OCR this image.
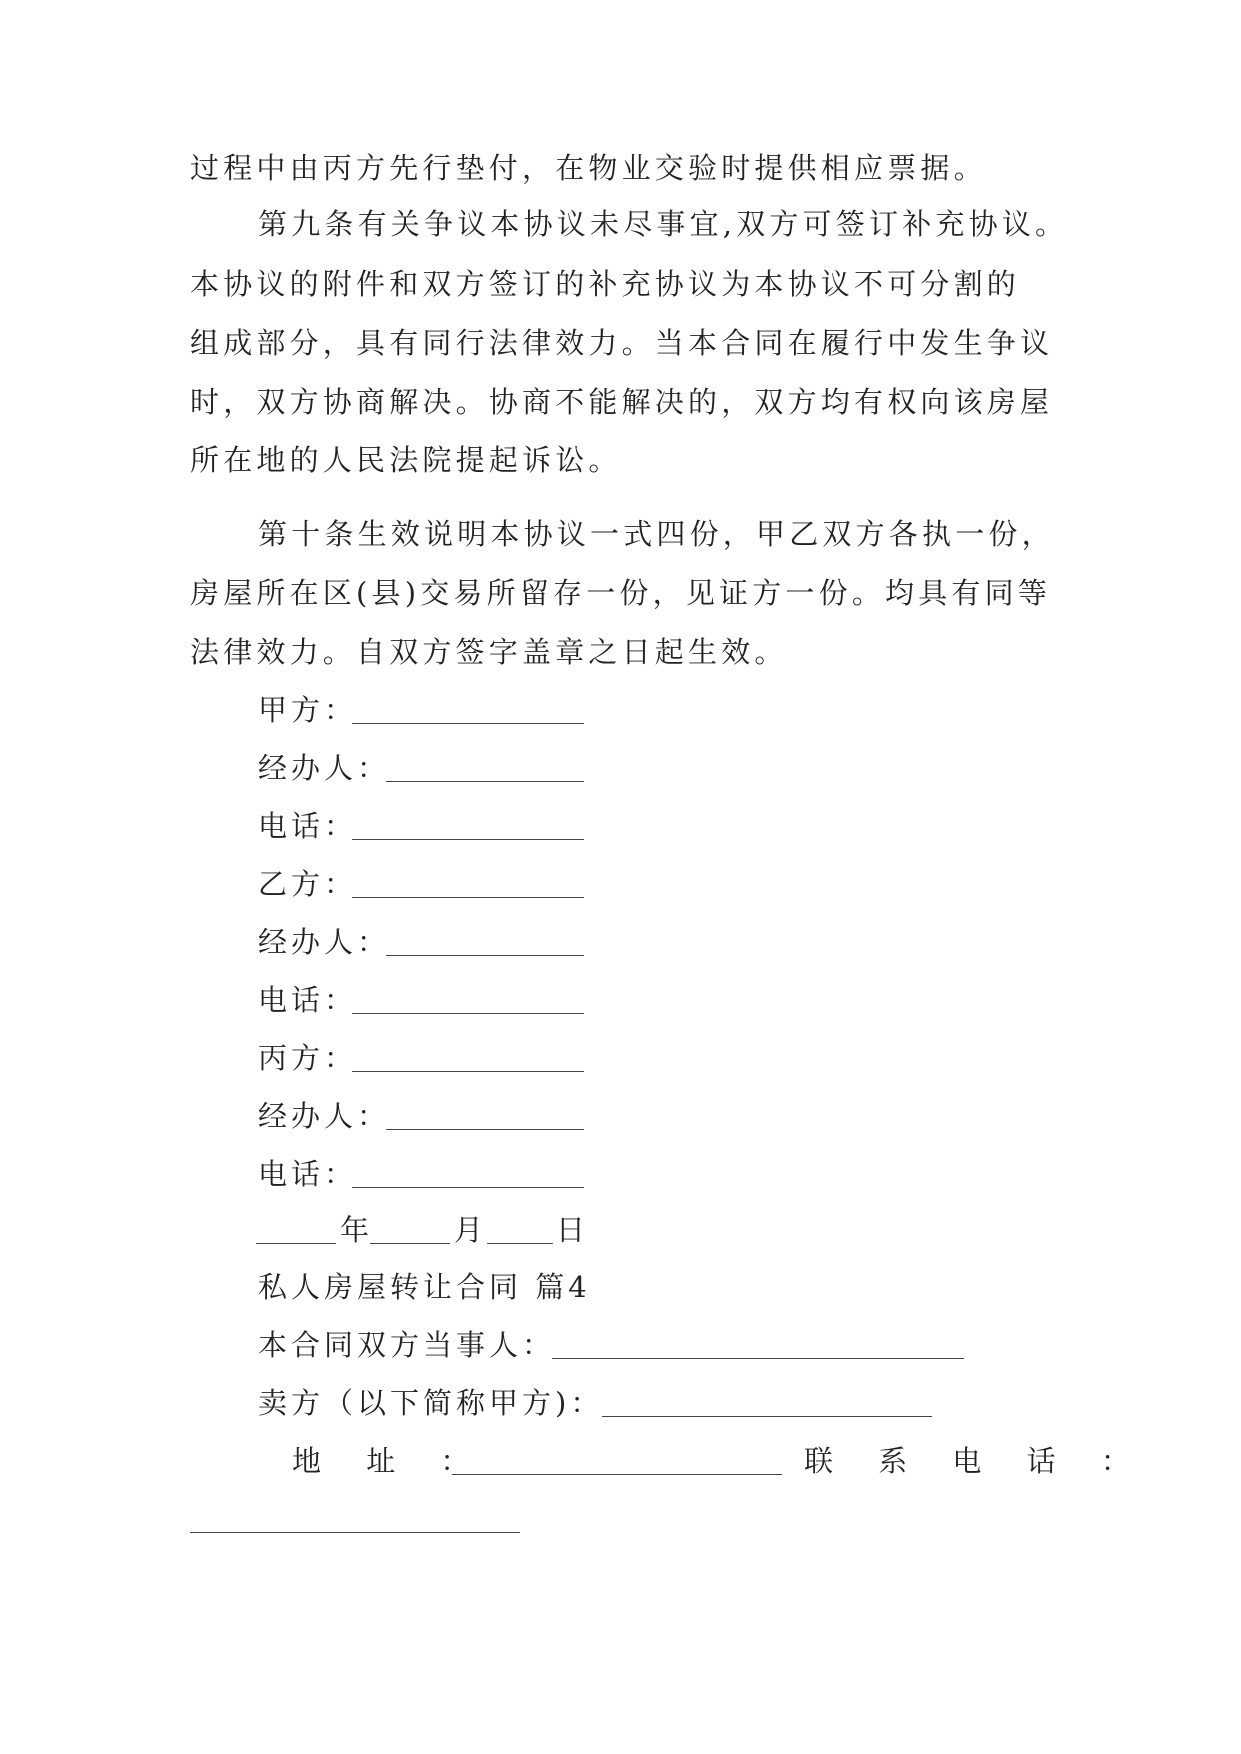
过程中由丙方先行垫付，在物业交验时提供相应票据。
第九条有关争议本协议未尽事宜,双方可签订补充协议。
本协议的附件和双方签订的补充协议为本协议不可分割的
组成部分，具有同行法律效力。当本合同在履行中发生争议
时，双方协商解决。协商不能解决的，双方均有权向该房屋
所在地的人民法院提起诉讼。
第十条生效说明本协议一式四份，甲乙双方各执一份，
房屋所在区(县)交易所留存一份，见证方一份。均具有同等
法律效力。自双方签字盖章之日起生效。
甲方：
经办人：
电话：
乙方：
经办人：
电话：
丙方：
经办人：
电话：
年	月 日
私人房屋转让合同 篇4
本合同双方当事人：
卖方（以下简称甲方)：
地 址 ：	联 系 电 话 ：
